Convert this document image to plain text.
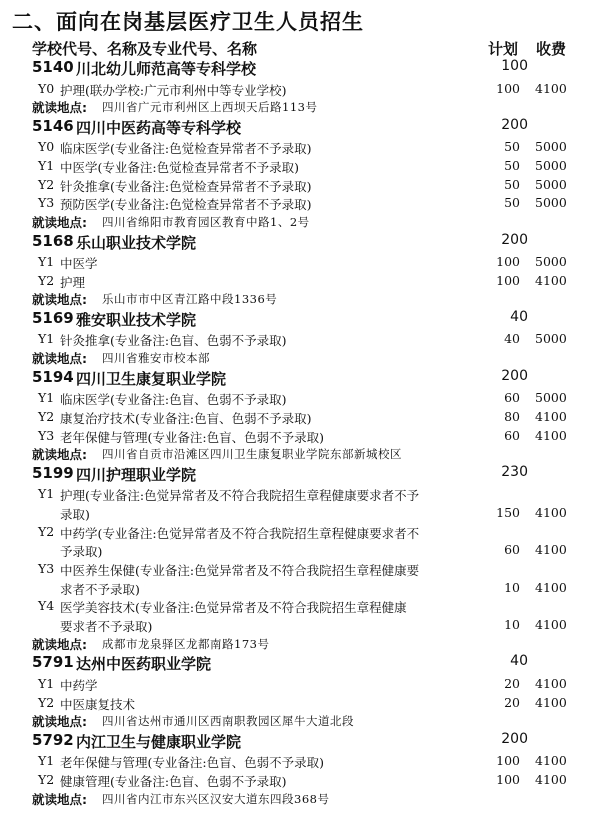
二、面向在岗基层医疗卫生人员招生
学校代号、名称及专业代号、名称	计划 收费
5140 川北幼儿师范高等专科学校	100
Y0 护理(联办学校:广元市利州中等专业学校)	100 4100
就读地点: 四川省广元市利州区上西坝天后路113号
5146 四川中医药高等专科学校	200
Y0 临床医学(专业备注:色觉检查异常者不予录取)	50 5000
Y1 中医学(专业备注:色觉检查异常者不予录取)	50 5000
Y2 针灸推拿(专业备注:色觉检查异常者不予录取)	50 5000
Y3 预防医学(专业备注:色觉检查异常者不予录取)	50 5000
就读地点: 四川省绵阳市教育园区教育中路1、2号
5168 乐山职业技术学院	200
Y1 中医学	100 5000
Y2 护理	100 4100
就读地点: 乐山市市中区青江路中段1336号
5169 雅安职业技术学院	40
Y1 针灸推拿(专业备注:色盲、色弱不予录取)	40 5000
就读地点: 四川省雅安市校本部
5194 四川卫生康复职业学院	200
Y1 临床医学(专业备注:色盲、色弱不予录取)	60 5000
Y2 康复治疗技术(专业备注:色盲、色弱不予录取)	80 4100
Y3 老年保健与管理(专业备注:色盲、色弱不予录取)	60 4100
就读地点: 四川省自贡市沿滩区四川卫生康复职业学院东部新城校区
5199 四川护理职业学院	230
Y1 护理(专业备注:色觉异常者及不符合我院招生章程健康要求者不予
录取)	150 4100
Y2 中药学(专业备注:色觉异常者及不符合我院招生章程健康要求者不
予录取)	60 4100
Y3 中医养生保健(专业备注:色觉异常者及不符合我院招生章程健康要
求者不予录取)	10 4100
Y4 医学美容技术(专业备注:色觉异常者及不符合我院招生章程健康
要求者不予录取)	10 4100
就读地点: 成都市龙泉驿区龙都南路173号
5791 达州中医药职业学院	40
Y1 中药学	20 4100
Y2 中医康复技术	20 4100
就读地点: 四川省达州市通川区西南职教园区犀牛大道北段
5792 内江卫生与健康职业学院	200
Y1 老年保健与管理(专业备注:色盲、色弱不予录取)	100 4100
Y2 健康管理(专业备注:色盲、色弱不予录取)	100 4100
就读地点: 四川省内江市东兴区汉安大道东四段368号
